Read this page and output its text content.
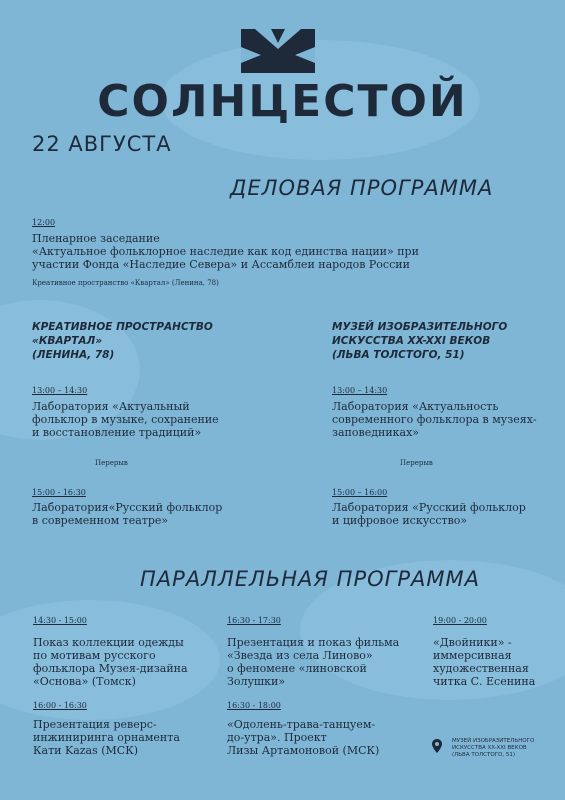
СОЛНЦЕСТОЙ
22 АВГУСТА
ДЕЛОВАЯ ПРОГРАММА
12:00
Пленарное заседание
«Актуальное фольклорное наследие как код единства нации» при
участии Фонда «Наследие Севера» и Ассамблеи народов России
Креативное пространство «Квартал» (Ленина, 78)
КРЕАТИВНОЕ ПРОСТРАНСТВО
«КВАРТАЛ»
(ЛЕНИНА, 78)
13:00 – 14:30
Лаборатория «Актуальный
фольклор в музыке, сохранение
и восстановление традиций»
Перерыв
15:00 - 16:30
Лаборатория«Русский фольклор
в современном театре»
МУЗЕЙ ИЗОБРАЗИТЕЛЬНОГО
ИСКУССТВА XX-XXI ВЕКОВ
(ЛЬВА ТОЛСТОГО, 51)
13:00 – 14:30
Лаборатория «Актуальность
современного фольклора в музеях-
заповедниках»
Перерыв
15:00 – 16:00
Лаборатория «Русский фольклор
и цифровое искусство»
ПАРАЛЛЕЛЬНАЯ ПРОГРАММА
14:30 - 15:00
Показ коллекции одежды
по мотивам русского
фольклора Музея-дизайна
«Основа» (Томск)
16:30 - 17:30
Презентация и показ фильма
«Звезда из села Линово»
о феномене «линовской
Золушки»
19:00 - 20:00
«Двойники» -
иммерсивная
художественная
читка С. Есенина
16:00 - 16:30
Презентация реверс-
инжиниринга орнамента
Кати Kazas (МСК)
16:30 - 18:00
«Одолень-трава-танцуем-
до-утра». Проект
Лизы Артамоновой (МСК)
МУЗЕЙ ИЗОБРАЗИТЕЛЬНОГО
ИСКУССТВА XX-XXI ВЕКОВ
(ЛЬВА ТОЛСТОГО, 51)
